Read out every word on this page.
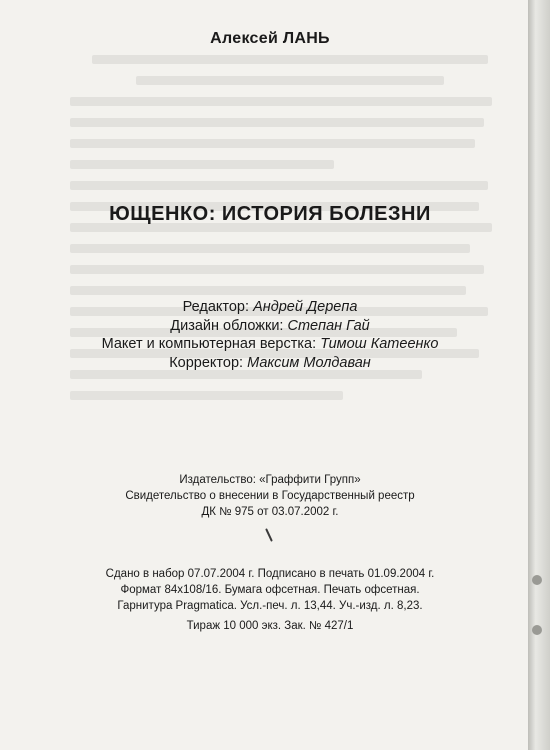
Алексей ЛАНЬ
ЮЩЕНКО: ИСТОРИЯ БОЛЕЗНИ
Редактор: Андрей Дерепа
Дизайн обложки: Степан Гай
Макет и компьютерная верстка: Тимош Катеенко
Корректор: Максим Молдаван
Издательство: «Граффити Групп»
Свидетельство о внесении в Государственный реестр
ДК № 975 от 03.07.2002 г.
Сдано в набор 07.07.2004 г. Подписано в печать 01.09.2004 г.
Формат 84х108/16. Бумага офсетная. Печать офсетная.
Гарнитура Pragmatica. Усл.-печ. л. 13,44. Уч.-изд. л. 8,23.
Тираж 10 000 экз. Зак. № 427/1
